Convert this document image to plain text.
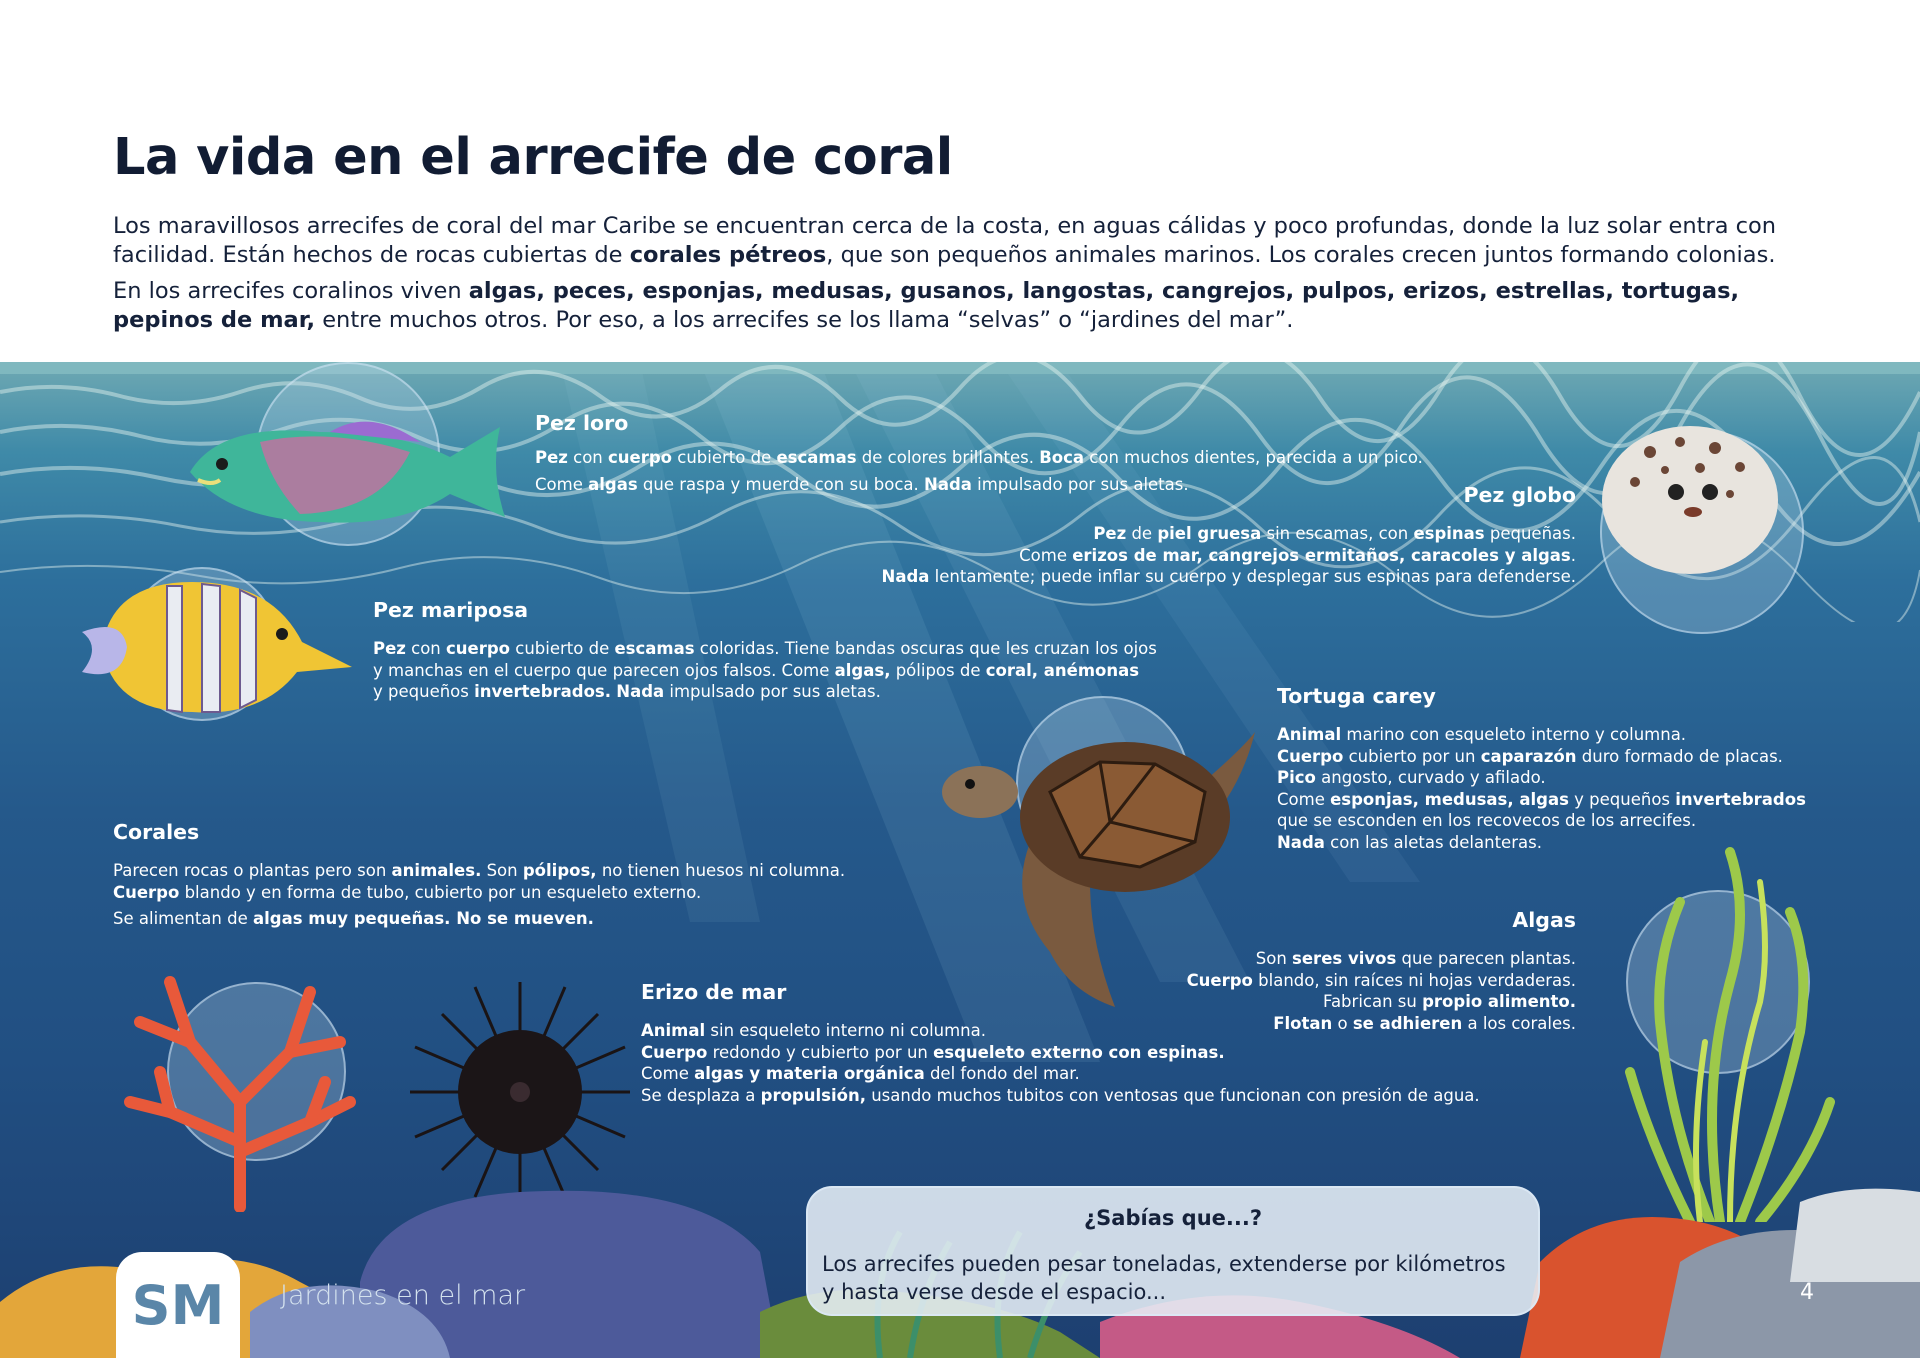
La vida en el arrecife de coral

Los maravillosos arrecifes de coral del mar Caribe se encuentran cerca de la costa, en aguas cálidas y poco profundas, donde la luz solar entra con facilidad. Están hechos de rocas cubiertas de corales pétreos, que son pequeños animales marinos. Los corales crecen juntos formando colonias.

En los arrecifes coralinos viven algas, peces, esponjas, medusas, gusanos, langostas, cangrejos, pulpos, erizos, estrellas, tortugas, pepinos de mar, entre muchos otros. Por eso, a los arrecifes se los llama “selvas” o “jardines del mar”.

Pez loro

Pez con cuerpo cubierto de escamas de colores brillantes. Boca con muchos dientes, parecida a un pico.

Come algas que raspa y muerde con su boca. Nada impulsado por sus aletas.	Pez globo

Pez de piel gruesa sin escamas, con espinas pequeñas.

Come erizos de mar, cangrejos ermitaños, caracoles y algas.

Nada lentamente; puede inflar su cuerpo y desplegar sus espinas para defenderse.

Pez mariposa

Pez con cuerpo cubierto de escamas coloridas. Tiene bandas oscuras que les cruzan los ojos

y manchas en el cuerpo que parecen ojos falsos. Come algas, pólipos de coral, anémonas

y pequeños invertebrados. Nada impulsado por sus aletas.	Tortuga carey

Animal marino con esqueleto interno y columna.

Cuerpo cubierto por un caparazón duro formado de placas.

Pico angosto, curvado y afilado.

Come esponjas, medusas, algas y pequeños invertebrados

que se esconden en los recovecos de los arrecifes.

Nada con las aletas delanteras.

Corales

Parecen rocas o plantas pero son animales. Son pólipos, no tienen huesos ni columna.

Cuerpo blando y en forma de tubo, cubierto por un esqueleto externo.

Se alimentan de algas muy pequeñas. No se mueven.	Algas

Son seres vivos que parecen plantas.

Cuerpo blando, sin raíces ni hojas verdaderas.

Fabrican su propio alimento.

Flotan o se adhieren a los corales.

Erizo de mar

Animal sin esqueleto interno ni columna.

Cuerpo redondo y cubierto por un esqueleto externo con espinas.

Come algas y materia orgánica del fondo del mar.

Se desplaza a propulsión, usando muchos tubitos con ventosas que funcionan con presión de agua.

¿Sabías que...?

Los arrecifes pueden pesar toneladas, extenderse por kilómetros
y hasta verse desde el espacio...

SM	Jardines en el mar	4
